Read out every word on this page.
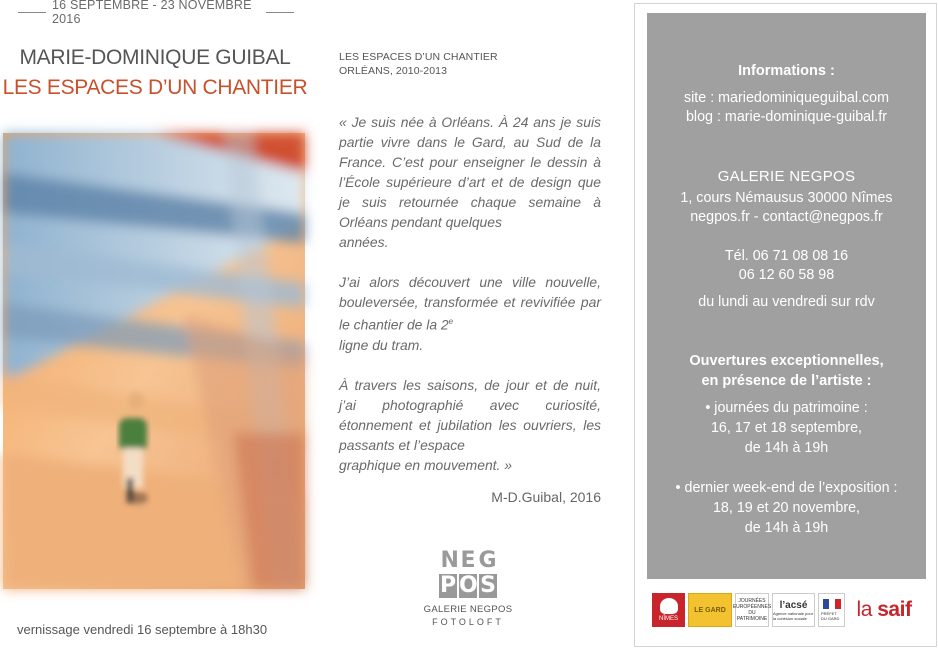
16 SEPTEMBRE - 23 NOVEMBRE 2016
MARIE-DOMINIQUE GUIBAL
LES ESPACES D’UN CHANTIER
vernissage vendredi 16 septembre à 18h30
LES ESPACES D’UN CHANTIER
ORLÉANS, 2010-2013

« Je suis née à Orléans. À 24 ans je suis partie vivre dans le Gard, au Sud de la France. C’est pour enseigner le dessin à l’École supérieure d’art et de design que je suis retournée chaque semaine à Orléans pendant quelques
années.

J’ai alors découvert une ville nouvelle, bouleversée, transformée et revivifiée par le chantier de la 2e
ligne du tram.

À travers les saisons, de jour et de nuit, j’ai photographié avec curiosité, étonnement et jubilation les ouvriers, les passants et l’espace
graphique en mouvement. »

M-D.Guibal, 2016
N E G
P O S
GALERIE NEGPOS
FOTOLOFT
Informations :
site : mariedominiqueguibal.com
blog : marie-dominique-guibal.fr
GALERIE NEGPOS
1, cours Némausus 30000 Nîmes
negpos.fr - contact@negpos.fr
Tél. 06 71 08 08 16
06 12 60 58 98
du lundi au vendredi sur rdv
Ouvertures exceptionnelles,
en présence de l’artiste :
• journées du patrimoine :
16, 17 et 18 septembre,
de 14h à 19h
• dernier week-end de l’exposition :
18, 19 et 20 novembre,
de 14h à 19h
NÎMES
LE GARD
JOURNÉES
EUROPÉENNES
DU
PATRIMOINE
l’acsé
Agence nationale pour la cohésion sociale
PRÉFET DU GARD la
saif
